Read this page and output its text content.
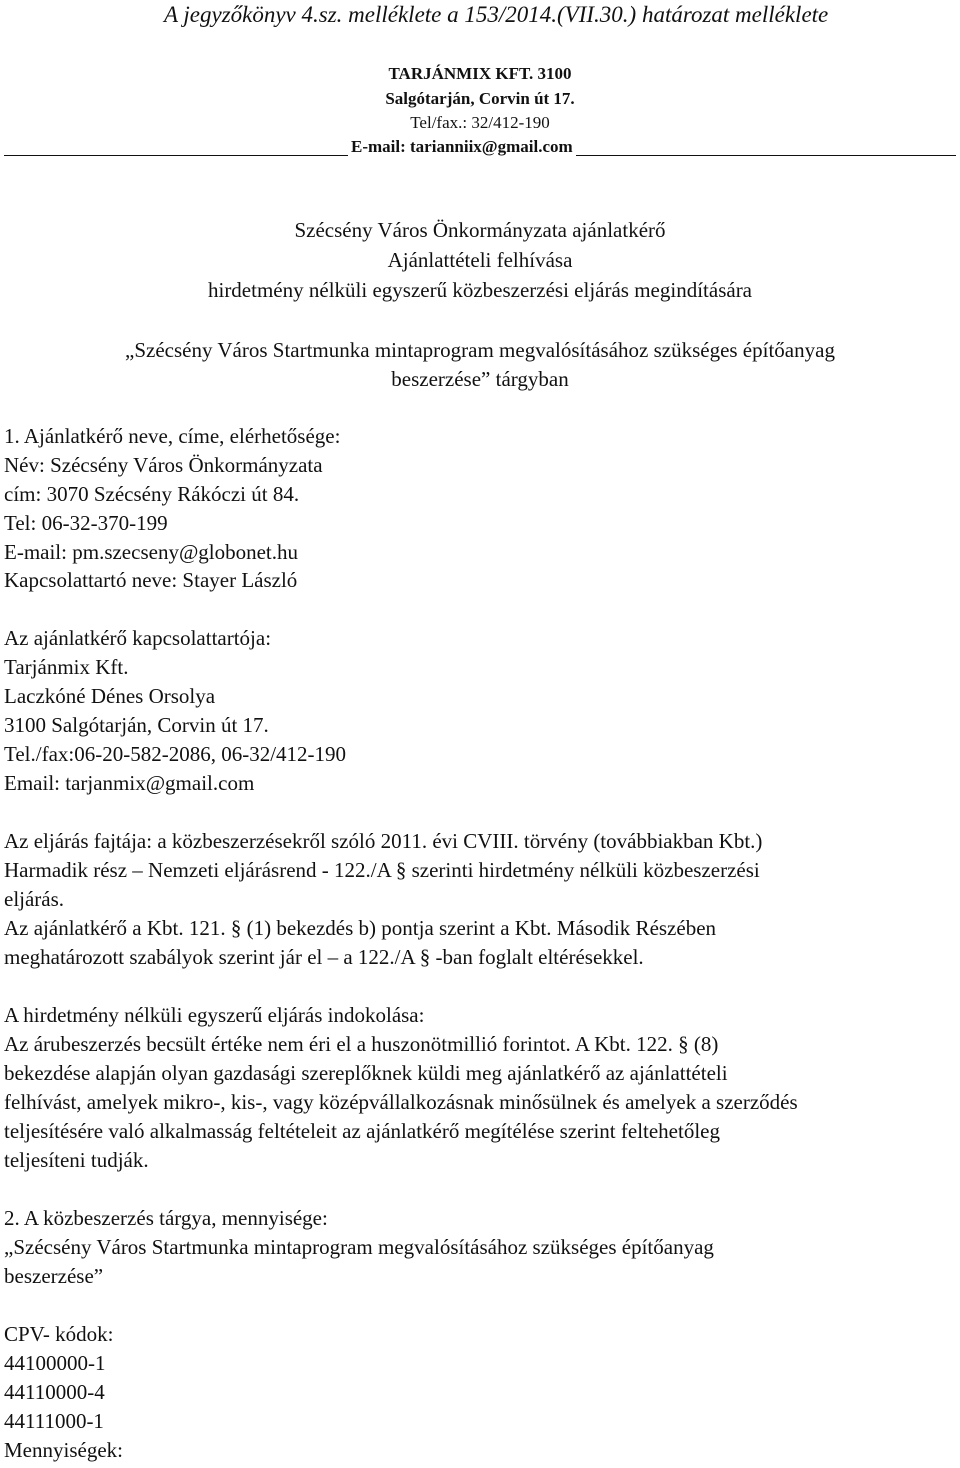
A jegyzőkönyv 4.sz. melléklete a 153/2014.(VII.30.) határozat melléklete
TARJÁNMIX KFT. 3100
Salgótarján, Corvin út 17.
Tel/fax.: 32/412-190
E-mail: tarianniix@gmail.com
Szécsény Város Önkormányzata ajánlatkérő
Ajánlattételi felhívása
hirdetmény nélküli egyszerű közbeszerzési eljárás megindítására
„Szécsény Város Startmunka mintaprogram megvalósításához szükséges építőanyag
beszerzése” tárgyban
1. Ajánlatkérő neve, címe, elérhetősége:
Név: Szécsény Város Önkormányzata
cím: 3070 Szécsény Rákóczi út 84.
Tel: 06-32-370-199
E-mail: pm.szecseny@globonet.hu
Kapcsolattartó neve: Stayer László
Az ajánlatkérő kapcsolattartója:
Tarjánmix Kft.
Laczkóné Dénes Orsolya
3100 Salgótarján, Corvin út 17.
Tel./fax:06-20-582-2086, 06-32/412-190
Email: tarjanmix@gmail.com
Az eljárás fajtája: a közbeszerzésekről szóló 2011. évi CVIII. törvény (továbbiakban Kbt.)
Harmadik rész – Nemzeti eljárásrend - 122./A § szerinti hirdetmény nélküli közbeszerzési
eljárás.
Az ajánlatkérő a Kbt. 121. § (1) bekezdés b) pontja szerint a Kbt. Második Részében
meghatározott szabályok szerint jár el – a 122./A § -ban foglalt eltérésekkel.
A hirdetmény nélküli egyszerű eljárás indokolása:
Az árubeszerzés becsült értéke nem éri el a huszonötmillió forintot. A Kbt. 122. § (8)
bekezdése alapján olyan gazdasági szereplőknek küldi meg ajánlatkérő az ajánlattételi
felhívást, amelyek mikro-, kis-, vagy középvállalkozásnak minősülnek és amelyek a szerződés
teljesítésére való alkalmasság feltételeit az ajánlatkérő megítélése szerint feltehetőleg
teljesíteni tudják.
2. A közbeszerzés tárgya, mennyisége:
„Szécsény Város Startmunka mintaprogram megvalósításához szükséges építőanyag
beszerzése”
CPV- kódok:
44100000-1
44110000-4
44111000-1
Mennyiségek:
